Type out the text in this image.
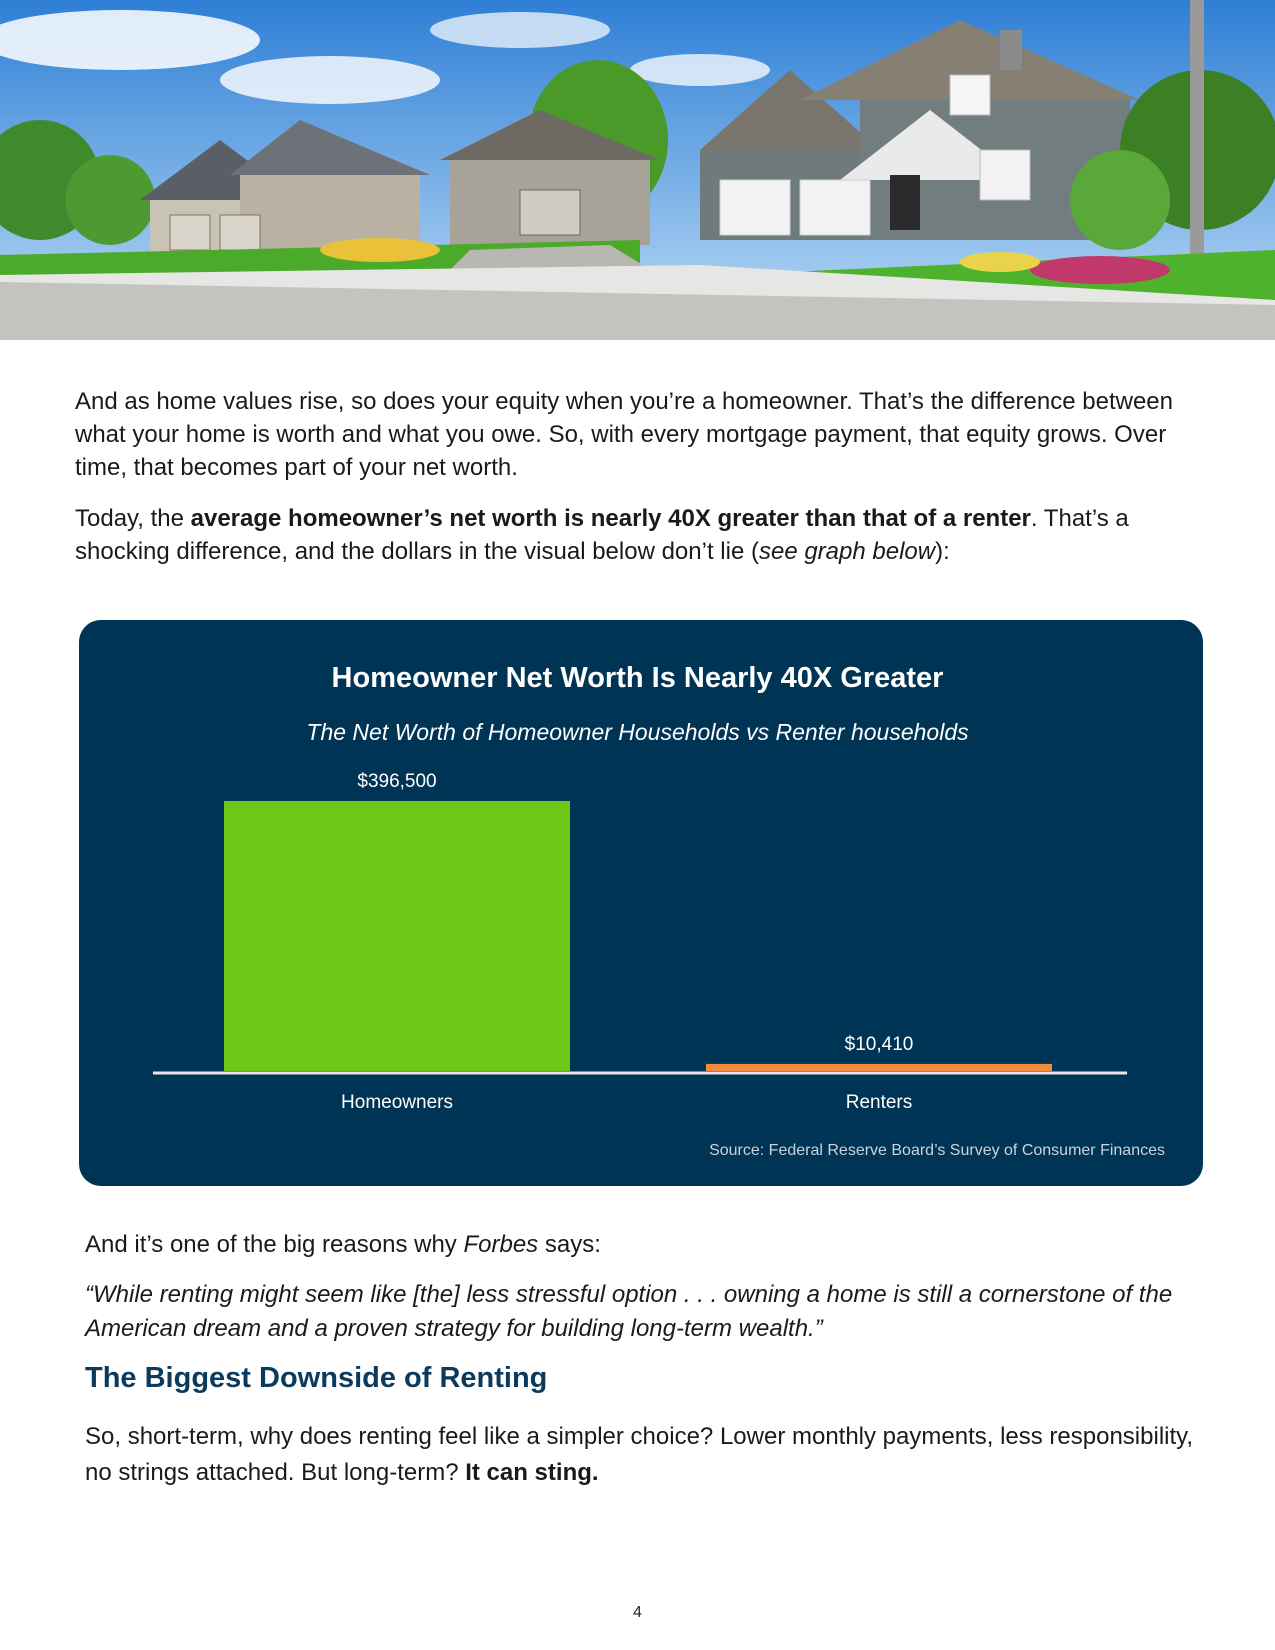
And as home values rise, so does your equity when you’re a homeowner. That’s the difference between what your home is worth and what you owe. So, with every mortgage payment, that equity grows. Over time, that becomes part of your net worth.

Today, the average homeowner’s net worth is nearly 40X greater than that of a renter. That’s a shocking difference, and the dollars in the visual below don’t lie (see graph below):

Homeowner Net Worth Is Nearly 40X Greater

The Net Worth of Homeowner Households vs Renter households

$396,500
Homeowners
$10,410
Renters
Source: Federal Reserve Board’s Survey of Consumer Finances

And it’s one of the big reasons why Forbes says:

“While renting might seem like [the] less stressful option . . . owning a home is still a cornerstone of the American dream and a proven strategy for building long-term wealth.”

The Biggest Downside of Renting

So, short-term, why does renting feel like a simpler choice? Lower monthly payments, less responsibility, no strings attached. But long-term? It can sting.

4
